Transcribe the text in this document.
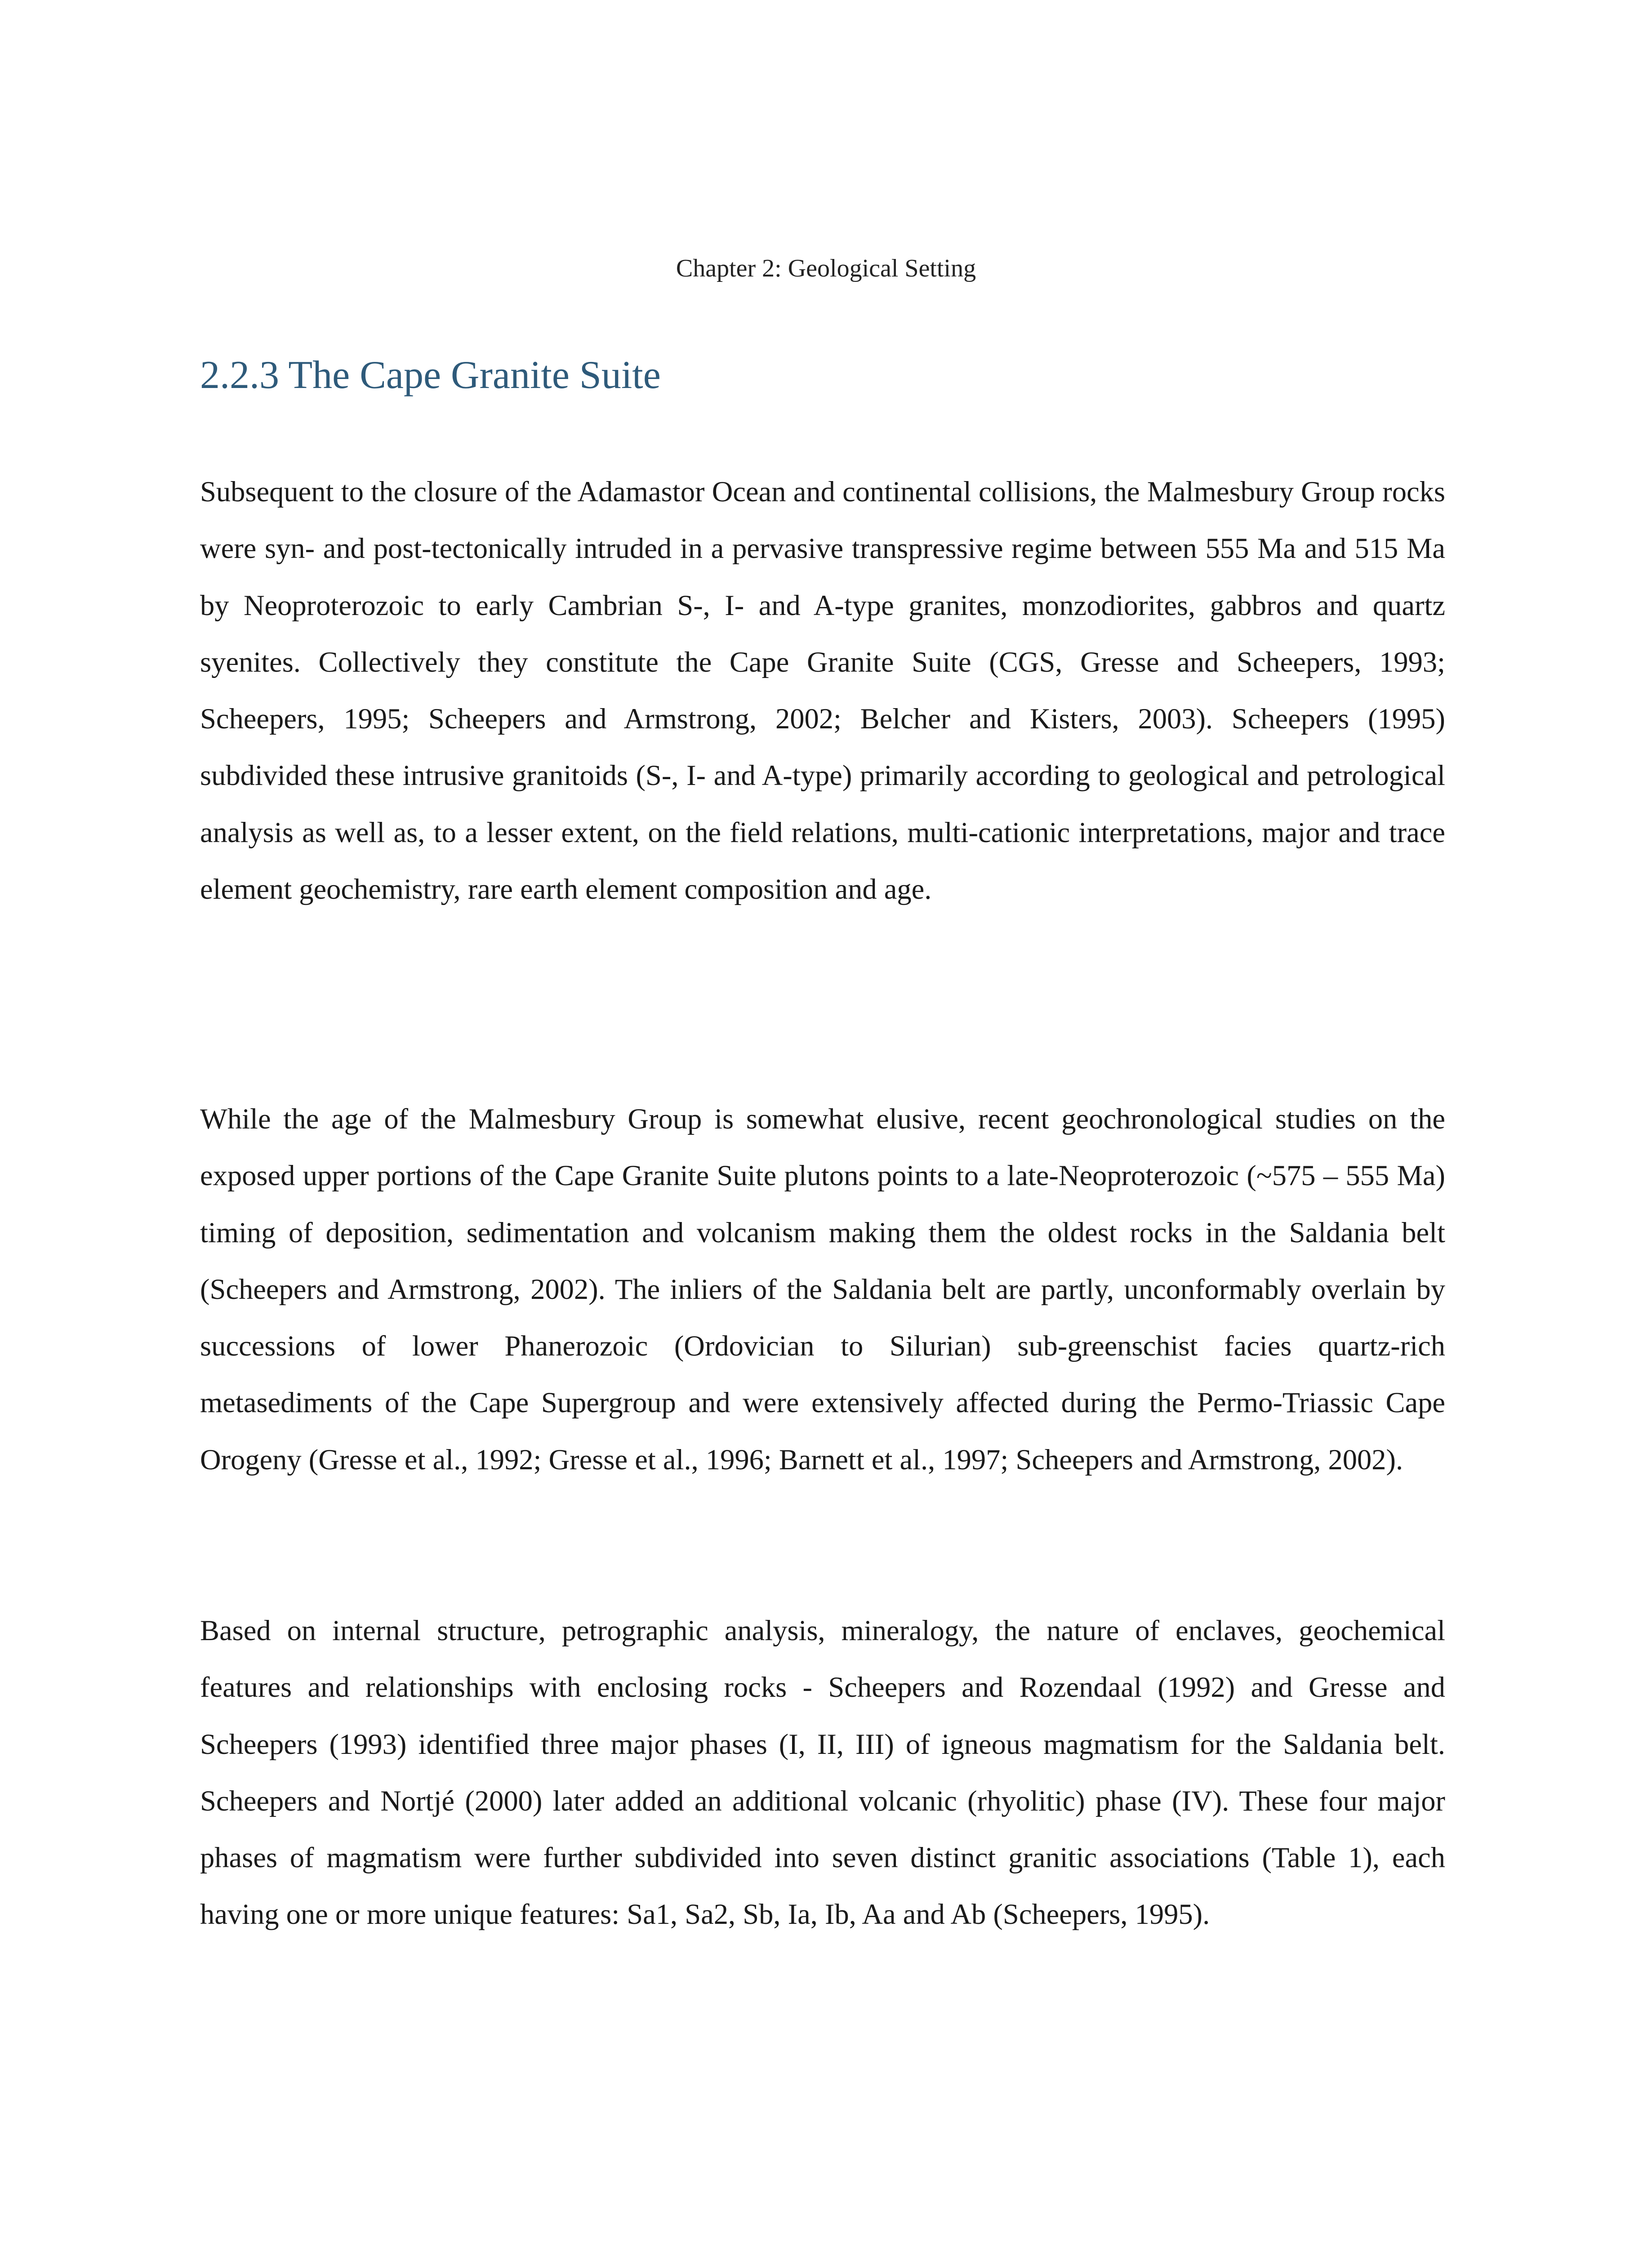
Chapter 2: Geological Setting
2.2.3 The Cape Granite Suite

Subsequent to the closure of the Adamastor Ocean and continental collisions, the Malmesbury Group rocks were syn- and post-tectonically intruded in a pervasive transpressive regime between 555 Ma and 515 Ma by Neoproterozoic to early Cambrian S-, I- and A-type granites, monzodiorites, gabbros and quartz syenites. Collectively they constitute the Cape Granite Suite (CGS, Gresse and Scheepers, 1993; Scheepers, 1995; Scheepers and Armstrong, 2002; Belcher and Kisters, 2003). Scheepers (1995) subdivided these intrusive granitoids (S-, I- and A-type) primarily according to geological and petrological analysis as well as, to a lesser extent, on the field relations, multi-cationic interpretations, major and trace element geochemistry, rare earth element composition and age.

While the age of the Malmesbury Group is somewhat elusive, recent geochronological studies on the exposed upper portions of the Cape Granite Suite plutons points to a late-Neoproterozoic (~575 – 555 Ma) timing of deposition, sedimentation and volcanism making them the oldest rocks in the Saldania belt (Scheepers and Armstrong, 2002). The inliers of the Saldania belt are partly, unconformably overlain by successions of lower Phanerozoic (Ordovician to Silurian) sub-greenschist facies quartz-rich metasediments of the Cape Supergroup and were extensively affected during the Permo-Triassic Cape Orogeny (Gresse et al., 1992; Gresse et al., 1996; Barnett et al., 1997; Scheepers and Armstrong, 2002).

Based on internal structure, petrographic analysis, mineralogy, the nature of enclaves, geochemical features and relationships with enclosing rocks - Scheepers and Rozendaal (1992) and Gresse and Scheepers (1993) identified three major phases (I, II, III) of igneous magmatism for the Saldania belt. Scheepers and Nortjé (2000) later added an additional volcanic (rhyolitic) phase (IV). These four major phases of magmatism were further subdivided into seven distinct granitic associations (Table 1), each having one or more unique features: Sa1, Sa2, Sb, Ia, Ib, Aa and Ab (Scheepers, 1995).
